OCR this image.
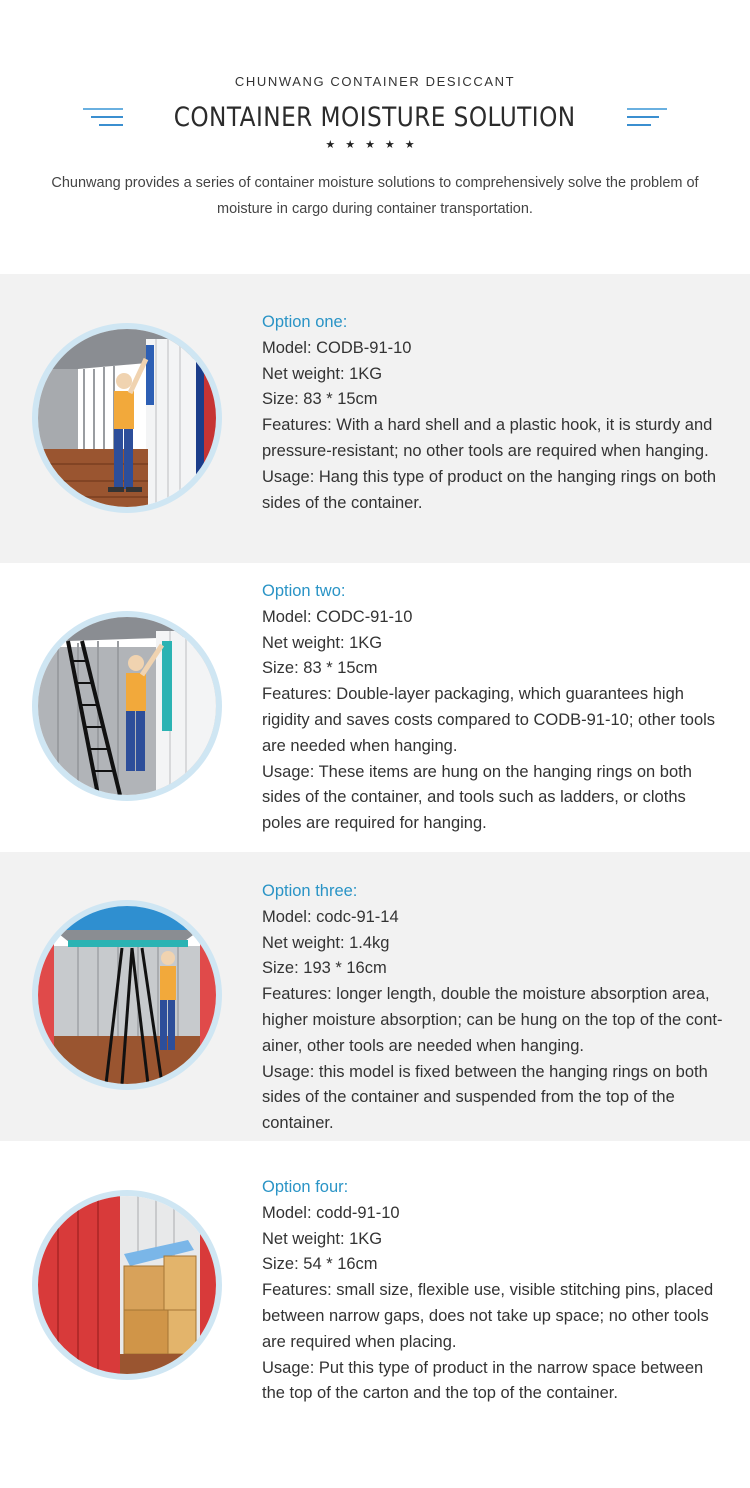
CHUNWANG CONTAINER DESICCANT
CONTAINER MOISTURE SOLUTION
★★★★★
Chunwang provides a series of container moisture solutions to comprehensively solve the problem of moisture in cargo during container transportation.

Option one:

Model: CODB-91-10

Net weight: 1KG

Size: 83 * 15cm

Features: With a hard shell and a plastic hook, it is sturdy and pressure-resistant; no other tools are required when hanging.

Usage: Hang this type of product on the hanging rings on both sides of the container.

Option two:

Model: CODC-91-10

Net weight: 1KG

Size: 83 * 15cm

Features: Double-layer packaging, which guarantees high rigidity and saves costs compared to CODB-91-10; other tools are needed when hanging.

Usage: These items are hung on the hanging rings on both sides of the container, and tools such as ladders, or cloths poles are required for hanging.

Option three:

Model: codc-91-14

Net weight: 1.4kg

Size: 193 * 16cm

Features: longer length, double the moisture absorption area, higher moisture absorption; can be hung on the top of the cont-ainer, other tools are needed when hanging.

Usage: this model is fixed between the hanging rings on both sides of the container and suspended from the top of the container.

Option four:

Model: codd-91-10

Net weight: 1KG

Size: 54 * 16cm

Features: small size, flexible use, visible stitching pins, placed between narrow gaps, does not take up space; no other tools are required when placing.

Usage: Put this type of product in the narrow space between the top of the carton and the top of the container.
